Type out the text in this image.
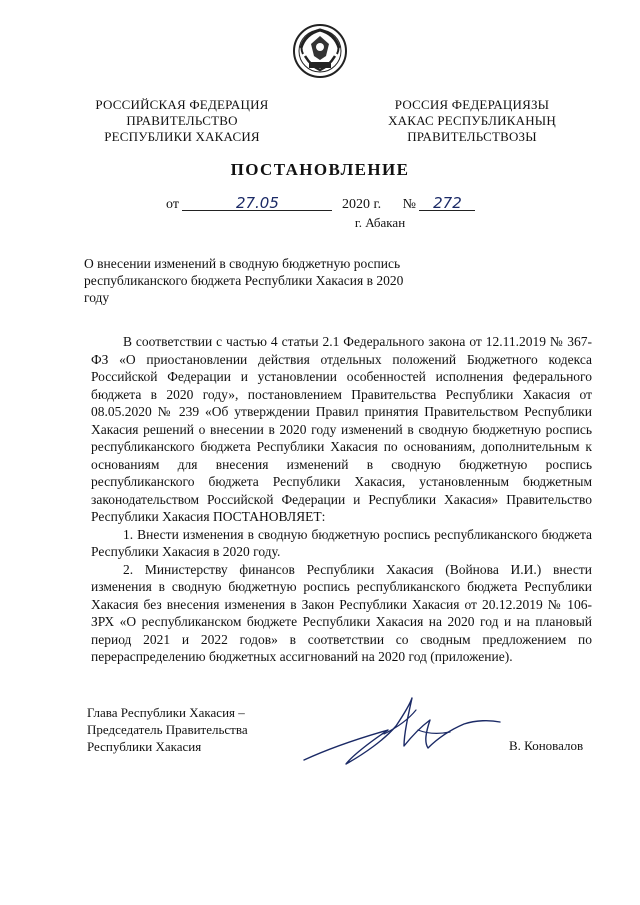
РОССИЙСКАЯ ФЕДЕРАЦИЯ
ПРАВИТЕЛЬСТВО
РЕСПУБЛИКИ ХАКАСИЯ
РОССИЯ ФЕДЕРАЦИЯЗЫ
ХАКАС РЕСПУБЛИКАНЫҢ
ПРАВИТЕЛЬСТВОЗЫ
ПОСТАНОВЛЕНИЕ
от	27.05	2020 г. № 272
г. Абакан
О внесении изменений в сводную бюджетную роспись республиканского бюджета Республики Хакасия в 2020 году

В соответствии с частью 4 статьи 2.1 Федерального закона от 12.11.2019 № 367-ФЗ «О приостановлении действия отдельных положений Бюджетного кодекса Российской Федерации и установлении особенностей исполнения федерального бюджета в 2020 году», постановлением Правительства Республики Хакасия от 08.05.2020 № 239 «Об утверждении Правил принятия Правительством Республики Хакасия решений о внесении в 2020 году изменений в сводную бюджетную роспись республиканского бюджета Республики Хакасия по основаниям, дополнительным к основаниям для внесения изменений в сводную бюджетную роспись республиканского бюджета Республики Хакасия, установленным бюджетным законодательством Российской Федерации и Республики Хакасия» Правительство Республики Хакасия ПОСТАНОВЛЯЕТ:

1. Внести изменения в сводную бюджетную роспись республиканского бюджета Республики Хакасия в 2020 году.

2. Министерству финансов Республики Хакасия (Войнова И.И.) внести изменения в сводную бюджетную роспись республиканского бюджета Республики Хакасия без внесения изменения в Закон Республики Хакасия от 20.12.2019 № 106-ЗРХ «О республиканском бюджете Республики Хакасия на 2020 год и на плановый период 2021 и 2022 годов» в соответствии со сводным предложением по перераспределению бюджетных ассигнований на 2020 год (приложение).

Глава Республики Хакасия –
Председатель Правительства
Республики Хакасия	В. Коновалов
